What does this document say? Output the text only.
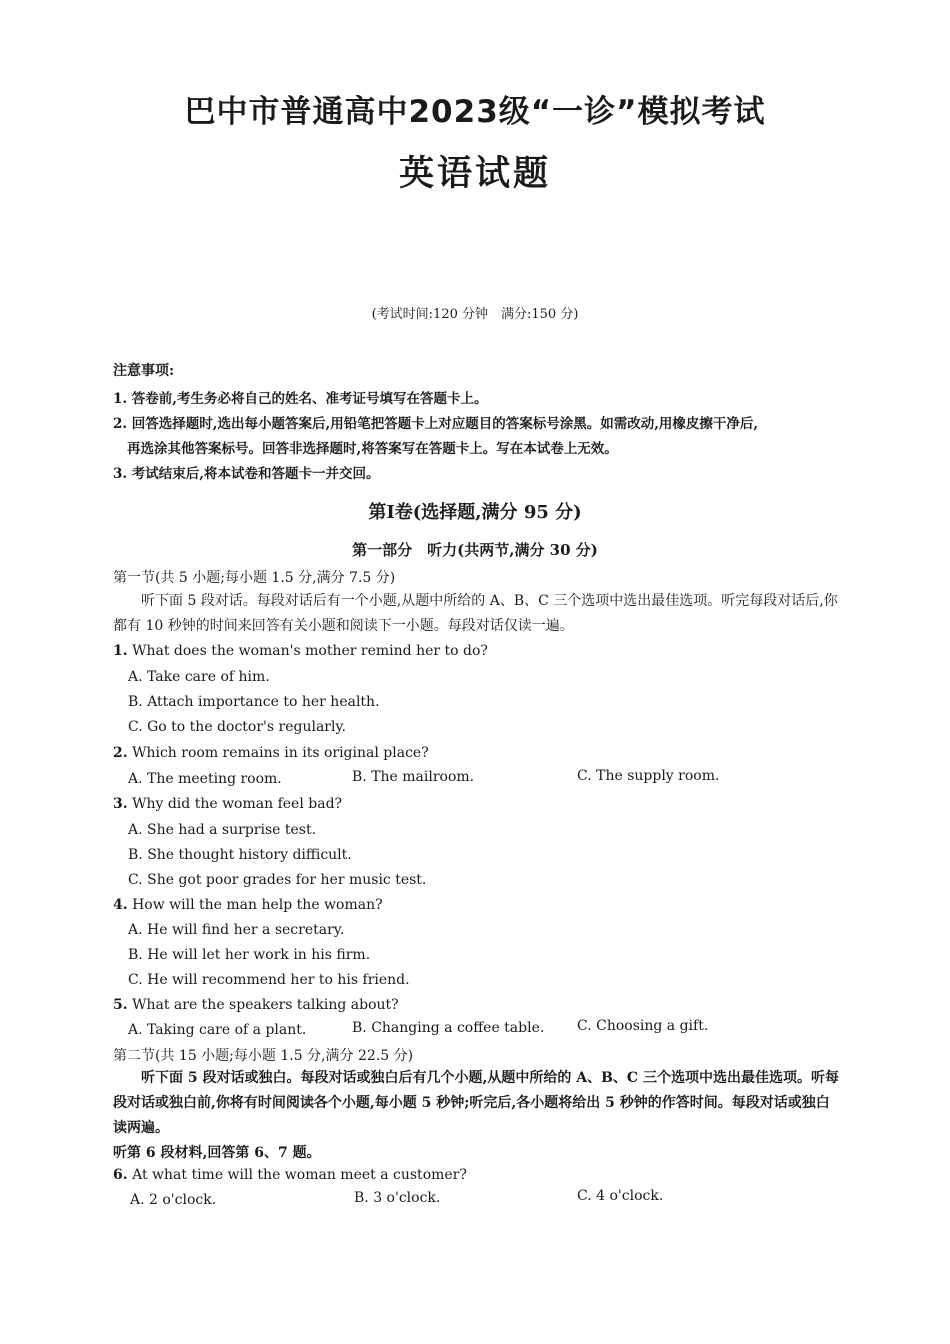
巴中市普通高中2023级“一诊”模拟考试
英语试题
(考试时间:120 分钟　满分:150 分)
注意事项:
1. 答卷前,考生务必将自己的姓名、准考证号填写在答题卡上。
2. 回答选择题时,选出每小题答案后,用铅笔把答题卡上对应题目的答案标号涂黑。如需改动,用橡皮擦干净后,
再选涂其他答案标号。回答非选择题时,将答案写在答题卡上。写在本试卷上无效。
3. 考试结束后,将本试卷和答题卡一并交回。
第Ⅰ卷(选择题,满分 95 分)
第一部分　听力(共两节,满分 30 分)
第一节(共 5 小题;每小题 1.5 分,满分 7.5 分)
听下面 5 段对话。每段对话后有一个小题,从题中所给的 A、B、C 三个选项中选出最佳选项。听完每段对话后,你都有 10 秒钟的时间来回答有关小题和阅读下一小题。每段对话仅读一遍。
1. What does the woman's mother remind her to do?
A. Take care of him.
B. Attach importance to her health.
C. Go to the doctor's regularly.
2. Which room remains in its original place?
A. The meeting room.	B. The mailroom.	C. The supply room.
3. Why did the woman feel bad?
A. She had a surprise test.
B. She thought history difficult.
C. She got poor grades for her music test.
4. How will the man help the woman?
A. He will find her a secretary.
B. He will let her work in his firm.
C. He will recommend her to his friend.
5. What are the speakers talking about?
A. Taking care of a plant.	B. Changing a coffee table. C. Choosing a gift.
第二节(共 15 小题;每小题 1.5 分,满分 22.5 分)
听下面 5 段对话或独白。每段对话或独白后有几个小题,从题中所给的 A、B、C 三个选项中选出最佳选项。听每段对话或独白前,你将有时间阅读各个小题,每小题 5 秒钟;听完后,各小题将给出 5 秒钟的作答时间。每段对话或独白读两遍。
听第 6 段材料,回答第 6、7 题。
6. At what time will the woman meet a customer?
A. 2 o'clock.	B. 3 o'clock.	C. 4 o'clock.
